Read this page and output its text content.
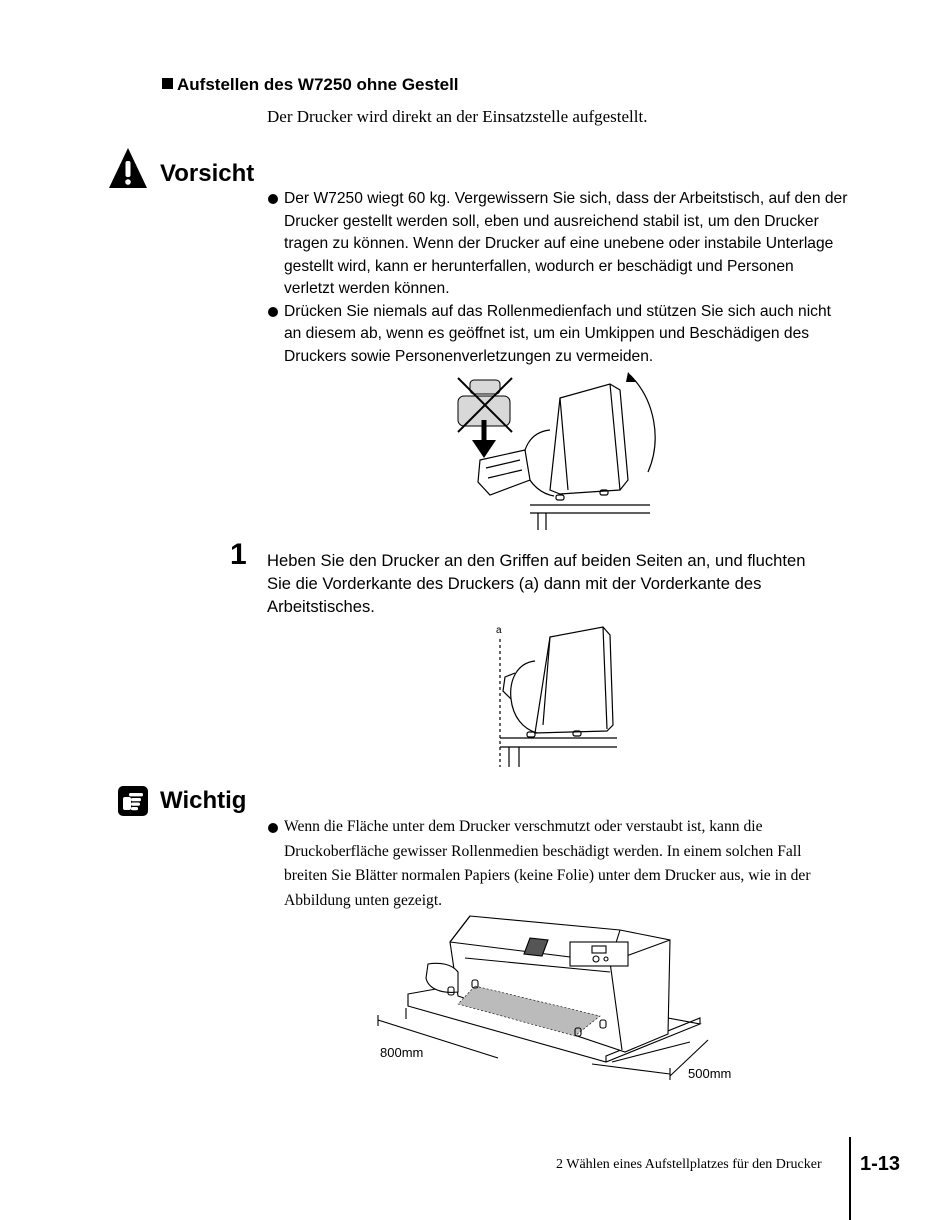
Aufstellen des W7250 ohne Gestell
Der Drucker wird direkt an der Einsatzstelle aufgestellt.
Vorsicht
Der W7250 wiegt 60 kg. Vergewissern Sie sich, dass der Arbeitstisch, auf den der Drucker gestellt werden soll, eben und ausreichend stabil ist, um den Drucker tragen zu können. Wenn der Drucker auf eine unebene oder instabile Unterlage gestellt wird, kann er herunterfallen, wodurch er beschädigt und Personen verletzt werden können.
Drücken Sie niemals auf das Rollenmedienfach und stützen Sie sich auch nicht an diesem ab, wenn es geöffnet ist, um ein Umkippen und Beschädigen des Druckers sowie Personenverletzungen zu vermeiden.
1 Heben Sie den Drucker an den Griffen auf beiden Seiten an, und fluchten Sie die Vorderkante des Druckers (a) dann mit der Vorderkante des Arbeitstisches.
a
Wichtig
Wenn die Fläche unter dem Drucker verschmutzt oder verstaubt ist, kann die Druckoberfläche gewisser Rollenmedien beschädigt werden. In einem solchen Fall breiten Sie Blätter normalen Papiers (keine Folie) unter dem Drucker aus, wie in der Abbildung unten gezeigt.
800mm
500mm
2 Wählen eines Aufstellplatzes für den Drucker 1-13
